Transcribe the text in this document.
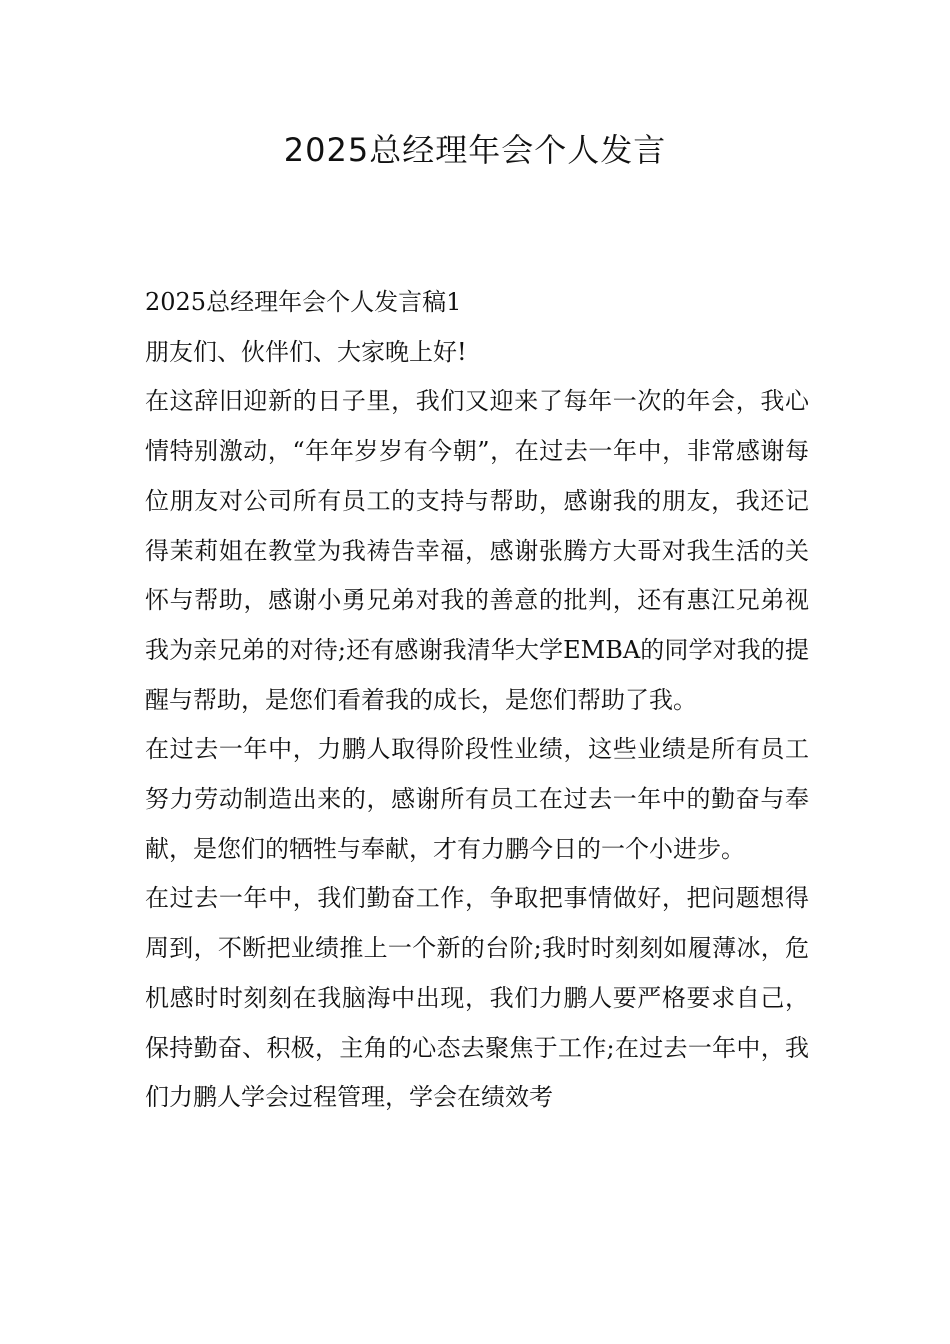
2025总经理年会个人发言

2025总经理年会个人发言稿1

朋友们、伙伴们、大家晚上好!

在这辞旧迎新的日子里，我们又迎来了每年一次的年会，我心情特别激动，“年年岁岁有今朝”，在过去一年中，非常感谢每位朋友对公司所有员工的支持与帮助，感谢我的朋友，我还记得茉莉姐在教堂为我祷告幸福，感谢张腾方大哥对我生活的关怀与帮助，感谢小勇兄弟对我的善意的批判，还有惠江兄弟视我为亲兄弟的对待;还有感谢我清华大学EMBA的同学对我的提醒与帮助，是您们看着我的成长，是您们帮助了我。

在过去一年中，力鹏人取得阶段性业绩，这些业绩是所有员工努力劳动制造出来的，感谢所有员工在过去一年中的勤奋与奉献，是您们的牺牲与奉献，才有力鹏今日的一个小进步。

在过去一年中，我们勤奋工作，争取把事情做好，把问题想得周到，不断把业绩推上一个新的台阶;我时时刻刻如履薄冰，危机感时时刻刻在我脑海中出现，我们力鹏人要严格要求自己，保持勤奋、积极，主角的心态去聚焦于工作;在过去一年中，我们力鹏人学会过程管理，学会在绩效考
